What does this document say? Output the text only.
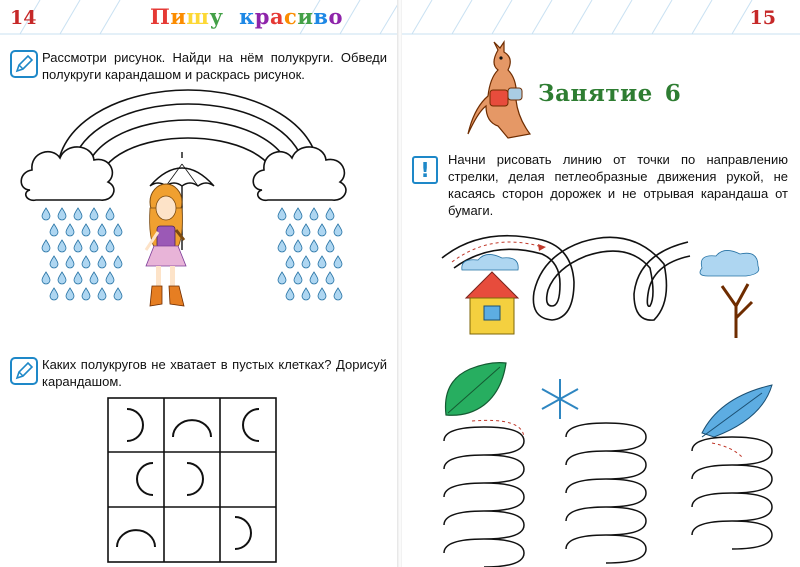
14	Пишу красиво
Рассмотри рисунок. Найди на нём полукруги. Обведи полукруги карандашом и раскрась рисунок.
Каких полукругов не хватает в пустых клетках? Дорисуй карандашом.
15
Занятие 6
!	Начни рисовать линию от точки по направлению стрелки, делая петлеобразные движения рукой, не касаясь сторон дорожек и не отрывая карандаша от бумаги.
